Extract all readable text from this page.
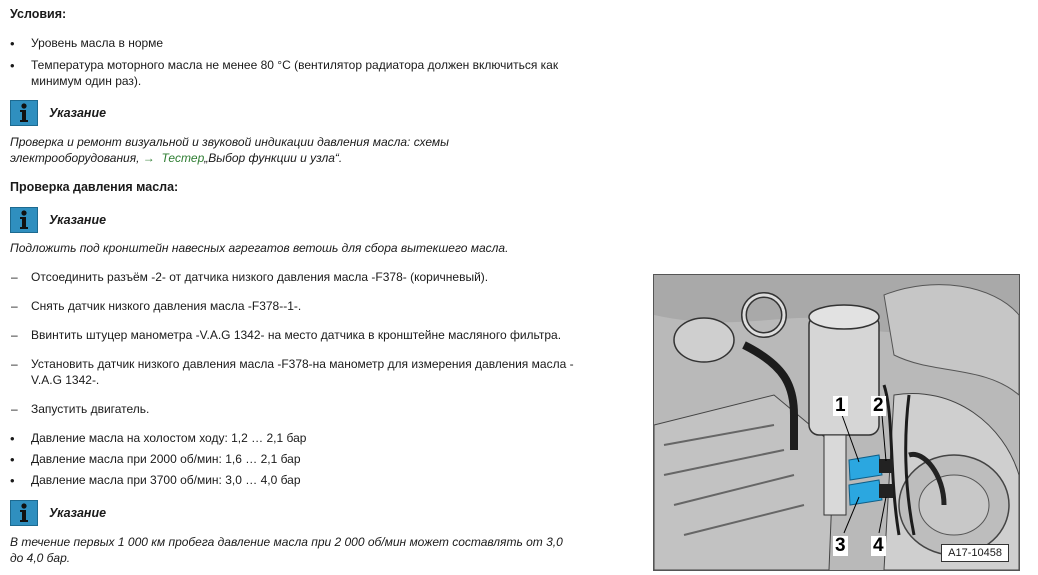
Условия:
• Уровень масла в норме
• Температура моторного масла не менее 80 °C (вентилятор радиатора должен включиться как
минимум один раз).
Указание
Проверка и ремонт визуальной и звуковой индикации давления масла: схемы
электрооборудования, → Тестер„Выбор функции и узла“.
Проверка давления масла:
Указание
Подложить под кронштейн навесных агрегатов ветошь для сбора вытекшего масла.
– Отсоединить разъём -2- от датчика низкого давления масла -F378- (коричневый).
– Снять датчик низкого давления масла -F378--1-.
– Ввинтить штуцер манометра -V.A.G 1342- на место датчика в кронштейне масляного фильтра.
– Установить датчик низкого давления масла -F378-на манометр для измерения давления масла -
V.A.G 1342-.
– Запустить двигатель.
• Давление масла на холостом ходу: 1,2 … 2,1 бар
• Давление масла при 2000 об/мин: 1,6 … 2,1 бар
• Давление масла при 3700 об/мин: 3,0 … 4,0 бар
Указание
В течение первых 1 000 км пробега давление масла при 2 000 об/мин может составлять от 3,0
до 4,0 бар.
1 2
3 4	A17-10458
